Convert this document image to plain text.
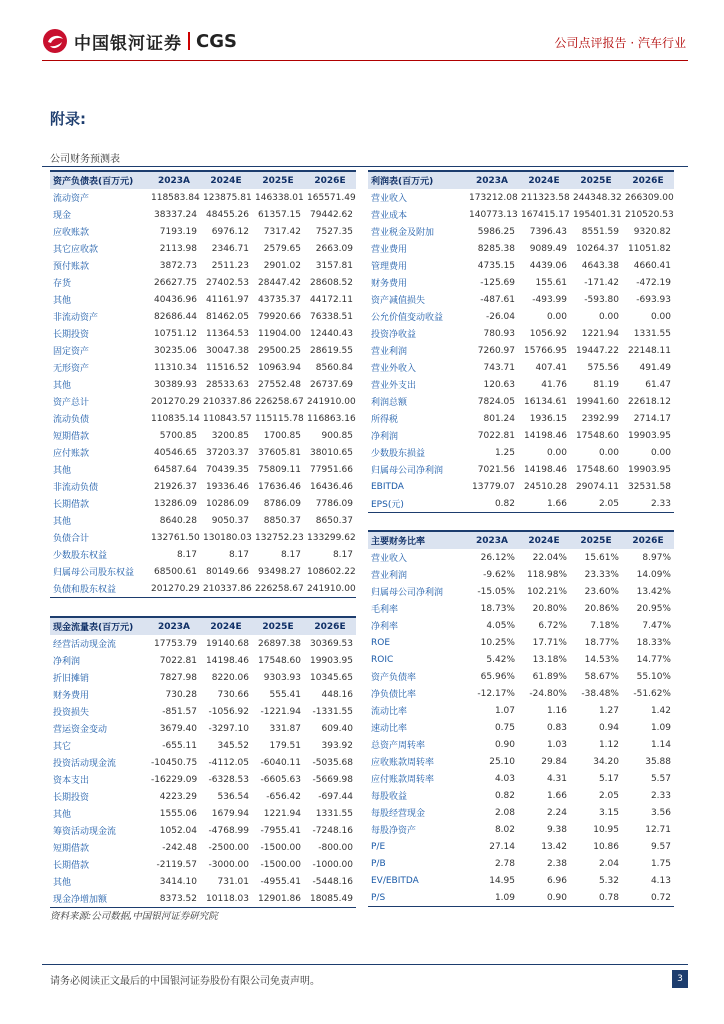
中国银河证券 CGS	公司点评报告 · 汽车行业
附录:
公司财务预测表
资产负债表(百万元)	2023A	2024E	2025E	2026E
流动资产	118583.84	123875.81	146338.01	165571.49
现金	38337.24	48455.26	61357.15	79442.62
应收账款	7193.19	6976.12	7317.42	7527.35
其它应收款	2113.98	2346.71	2579.65	2663.09
预付账款	3872.73	2511.23	2901.02	3157.81
存货	26627.75	27402.53	28447.42	28608.52
其他	40436.96	41161.97	43735.37	44172.11
非流动资产	82686.44	81462.05	79920.66	76338.51
长期投资	10751.12	11364.53	11904.00	12440.43
固定资产	30235.06	30047.38	29500.25	28619.55
无形资产	11310.34	11516.52	10963.94	8560.84
其他	30389.93	28533.63	27552.48	26737.69
资产总计	201270.29	210337.86	226258.67	241910.00
流动负债	110835.14	110843.57	115115.78	116863.16
短期借款	5700.85	3200.85	1700.85	900.85
应付账款	40546.65	37203.37	37605.81	38010.65
其他	64587.64	70439.35	75809.11	77951.66
非流动负债	21926.37	19336.46	17636.46	16436.46
长期借款	13286.09	10286.09	8786.09	7786.09
其他	8640.28	9050.37	8850.37	8650.37
负债合计	132761.50	130180.03	132752.23	133299.62
少数股东权益	8.17	8.17	8.17	8.17
归属母公司股东权益	68500.61	80149.66	93498.27	108602.22
负债和股东权益	201270.29	210337.86	226258.67	241910.00
利润表(百万元)	2023A	2024E	2025E	2026E
营业收入	173212.08	211323.58	244348.32	266309.00
营业成本	140773.13	167415.17	195401.31	210520.53
营业税金及附加	5986.25	7396.43	8551.59	9320.82
营业费用	8285.38	9089.49	10264.37	11051.82
管理费用	4735.15	4439.06	4643.38	4660.41
财务费用	-125.69	155.61	-171.42	-472.19
资产减值损失	-487.61	-493.99	-593.80	-693.93
公允价值变动收益	-26.04	0.00	0.00	0.00
投资净收益	780.93	1056.92	1221.94	1331.55
营业利润	7260.97	15766.95	19447.22	22148.11
营业外收入	743.71	407.41	575.56	491.49
营业外支出	120.63	41.76	81.19	61.47
利润总额	7824.05	16134.61	19941.60	22618.12
所得税	801.24	1936.15	2392.99	2714.17
净利润	7022.81	14198.46	17548.60	19903.95
少数股东损益	1.25	0.00	0.00	0.00
归属母公司净利润	7021.56	14198.46	17548.60	19903.95
EBITDA	13779.07	24510.28	29074.11	32531.58
EPS(元)	0.82	1.66	2.05	2.33
现金流量表(百万元)	2023A	2024E	2025E	2026E
经营活动现金流	17753.79	19140.68	26897.38	30369.53
净利润	7022.81	14198.46	17548.60	19903.95
折旧摊销	7827.98	8220.06	9303.93	10345.65
财务费用	730.28	730.66	555.41	448.16
投资损失	-851.57	-1056.92	-1221.94	-1331.55
营运资金变动	3679.40	-3297.10	331.87	609.40
其它	-655.11	345.52	179.51	393.92
投资活动现金流	-10450.75	-4112.05	-6040.11	-5035.68
资本支出	-16229.09	-6328.53	-6605.63	-5669.98
长期投资	4223.29	536.54	-656.42	-697.44
其他	1555.06	1679.94	1221.94	1331.55
筹资活动现金流	1052.04	-4768.99	-7955.41	-7248.16
短期借款	-242.48	-2500.00	-1500.00	-800.00
长期借款	-2119.57	-3000.00	-1500.00	-1000.00
其他	3414.10	731.01	-4955.41	-5448.16
现金净增加额	8373.52	10118.03	12901.86	18085.49
主要财务比率	2023A	2024E	2025E	2026E
营业收入	26.12%	22.04%	15.61%	8.97%
营业利润	-9.62%	118.98%	23.33%	14.09%
归属母公司净利润	-15.05%	102.21%	23.60%	13.42%
毛利率	18.73%	20.80%	20.86%	20.95%
净利率	4.05%	6.72%	7.18%	7.47%
ROE	10.25%	17.71%	18.77%	18.33%
ROIC	5.42%	13.18%	14.53%	14.77%
资产负债率	65.96%	61.89%	58.67%	55.10%
净负债比率	-12.17%	-24.80%	-38.48%	-51.62%
流动比率	1.07	1.16	1.27	1.42
速动比率	0.75	0.83	0.94	1.09
总资产周转率	0.90	1.03	1.12	1.14
应收账款周转率	25.10	29.84	34.20	35.88
应付账款周转率	4.03	4.31	5.17	5.57
每股收益	0.82	1.66	2.05	2.33
每股经营现金	2.08	2.24	3.15	3.56
每股净资产	8.02	9.38	10.95	12.71
P/E	27.14	13.42	10.86	9.57
P/B	2.78	2.38	2.04	1.75
EV/EBITDA	14.95	6.96	5.32	4.13
P/S	1.09	0.90	0.78	0.72
资料来源:公司数据,中国银河证券研究院
请务必阅读正文最后的中国银河证券股份有限公司免责声明。	3
